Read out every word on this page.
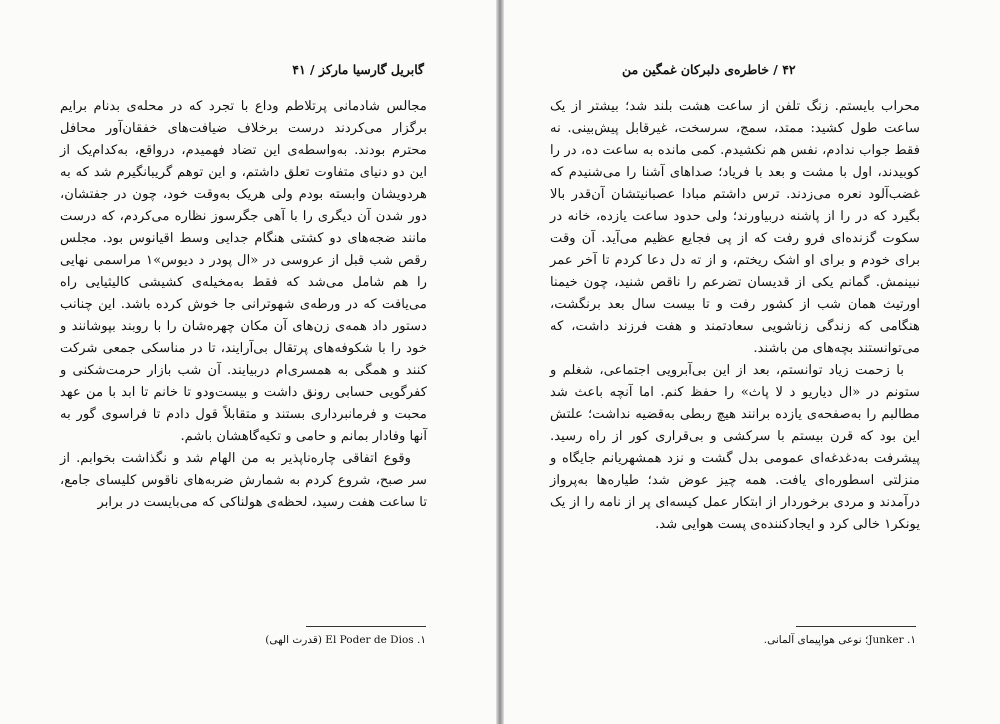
گابریل گارسیا مارکز / ۴۱

مجالس شادمانی پرتلاطم وداع با تجرد که در محله‌ی بدنام برایم برگزار می‌کردند درست برخلاف ضیافت‌های خفقان‌آور محافل محترم بودند. به‌واسطه‌ی این تضاد فهمیدم، درواقع، به‌کدام‌یک از این دو دنیای متفاوت تعلق داشتم، و این توهم گریبانگیرم شد که به هردویشان وابسته بودم ولی هریک به‌وقت خود، چون در جفتشان، دور شدن آن دیگری را با آهی جگرسوز نظاره می‌کردم، که درست مانند ضجه‌های دو کشتی هنگام جدایی وسط اقیانوس بود. مجلس رقص شب قبل از عروسی در «ال پودر د دیوس»۱ مراسمی نهایی را هم شامل می‌شد که فقط به‌مخیله‌ی کشیشی کالیثیایی راه می‌یافت که در ورطه‌ی شهوترانی جا خوش کرده باشد. این چنانب دستور داد همه‌ی زن‌های آن مکان چهره‌شان را با روبند بپوشانند و خود را با شکوفه‌های پرتقال بی‌آرایند، تا در مناسکی جمعی شرکت کنند و همگی به همسری‌ام دربیایند. آن شب بازار حرمت‌شکنی و کفرگویی حسابی رونق داشت و بیست‌ودو تا خانم تا ابد با من عهد محبت و فرمانبرداری بستند و متقابلاً قول دادم تا فراسوی گور به آنها وفادار بمانم و حامی و تکیه‌گاهشان باشم.

وقوع اتفاقی چاره‌ناپذیر به من الهام شد و نگذاشت بخوابم. از سر صبح، شروع کردم به شمارش ضربه‌های ناقوس کلیسای جامع، تا ساعت هفت رسید، لحظه‌ی هولناکی که می‌بایست در برابر

۱. El Poder de Dios (قدرت الهی)
۴۲ / خاطره‌ی دلبرکان غمگین من

محراب بایستم. زنگ تلفن از ساعت هشت بلند شد؛ بیشتر از یک ساعت طول کشید: ممتد، سمج، سرسخت، غیرقابل پیش‌بینی. نه فقط جواب ندادم، نفس هم نکشیدم. کمی مانده به ساعت ده، در را کوبیدند، اول با مشت و بعد با فریاد؛ صداهای آشنا را می‌شنیدم که غضب‌آلود نعره می‌زدند. ترس داشتم مبادا عصبانیتشان آن‌قدر بالا بگیرد که در را از پاشنه دربیاورند؛ ولی حدود ساعت یازده، خانه در سکوت گزنده‌ای فرو رفت که از پی فجایع عظیم می‌آید. آن وقت برای خودم و برای او اشک ریختم، و از ته دل دعا کردم تا آخر عمر نبینمش. گمانم یکی از قدیسان تضرعم را ناقص شنید، چون خیمنا اورتیث همان شب از کشور رفت و تا بیست سال بعد برنگشت، هنگامی که زندگی زناشویی سعادتمند و هفت فرزند داشت، که می‌توانستند بچه‌های من باشند.

با زحمت زیاد توانستم، بعد از این بی‌آبرویی اجتماعی، شغلم و ستونم در «ال دیاریو د لا پاث» را حفظ کنم. اما آنچه باعث شد مطالبم را به‌صفحه‌ی یازده برانند هیچ ربطی به‌قضیه نداشت؛ علتش این بود که قرن بیستم با سرکشی و بی‌قراری کور از راه رسید. پیشرفت به‌دغدغه‌ای عمومی بدل گشت و نزد همشهریانم جایگاه و منزلتی اسطوره‌ای یافت. همه چیز عوض شد؛ طیاره‌ها به‌پرواز درآمدند و مردی برخوردار از ابتکار عمل کیسه‌ای پر از نامه را از یک یونکر۱ خالی کرد و ایجادکننده‌ی پست هوایی شد.

۱. Junker؛ نوعی هواپیمای آلمانی.
